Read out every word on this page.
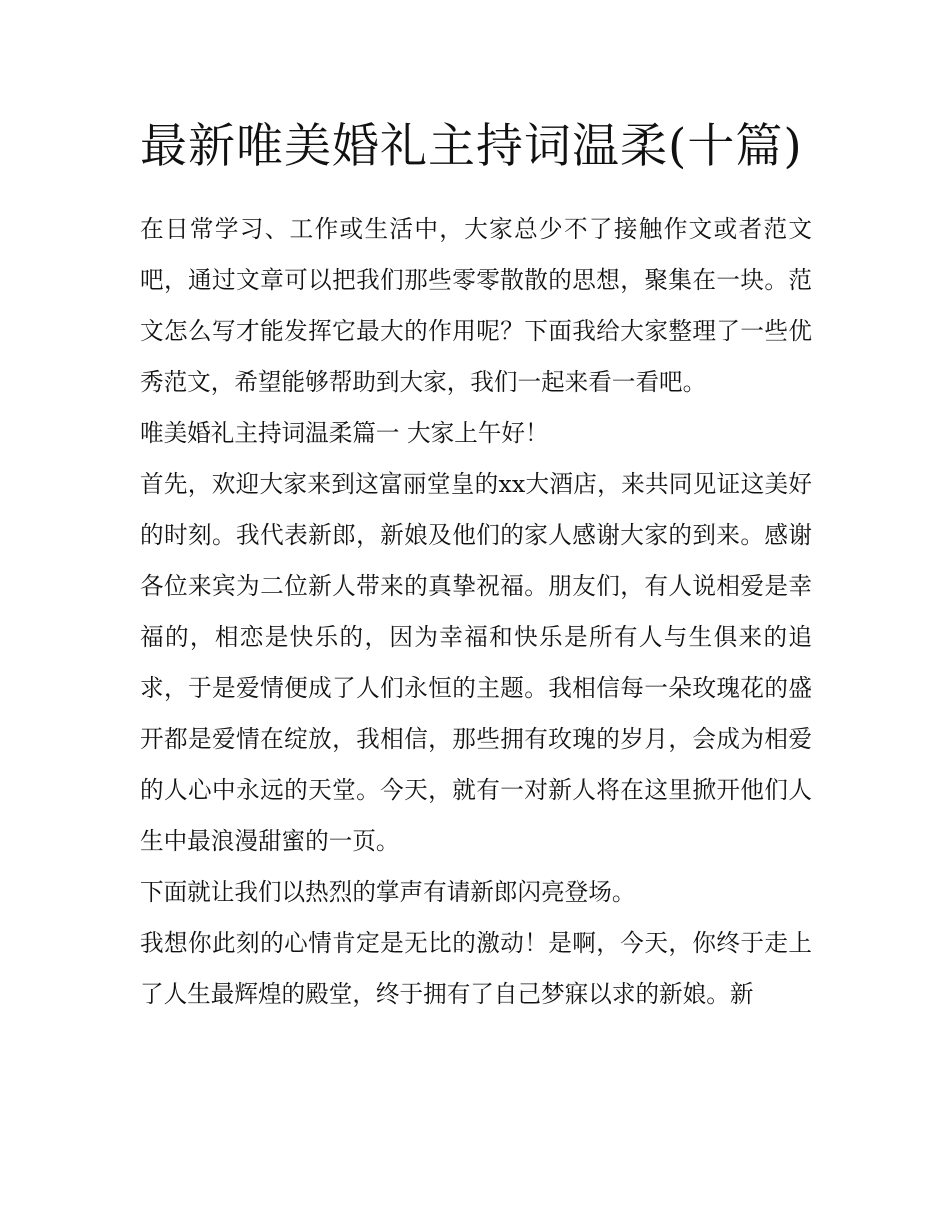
最新唯美婚礼主持词温柔(十篇)

在日常学习、工作或生活中，大家总少不了接触作文或者范文吧，通过文章可以把我们那些零零散散的思想，聚集在一块。范文怎么写才能发挥它最大的作用呢？下面我给大家整理了一些优秀范文，希望能够帮助到大家，我们一起来看一看吧。

唯美婚礼主持词温柔篇一 大家上午好！

首先，欢迎大家来到这富丽堂皇的xx大酒店，来共同见证这美好的时刻。我代表新郎，新娘及他们的家人感谢大家的到来。感谢各位来宾为二位新人带来的真挚祝福。朋友们，有人说相爱是幸福的，相恋是快乐的，因为幸福和快乐是所有人与生俱来的追求，于是爱情便成了人们永恒的主题。我相信每一朵玫瑰花的盛开都是爱情在绽放，我相信，那些拥有玫瑰的岁月，会成为相爱的人心中永远的天堂。今天，就有一对新人将在这里掀开他们人生中最浪漫甜蜜的一页。

下面就让我们以热烈的掌声有请新郎闪亮登场。

我想你此刻的心情肯定是无比的激动！是啊，今天，你终于走上了人生最辉煌的殿堂，终于拥有了自己梦寐以求的新娘。新
